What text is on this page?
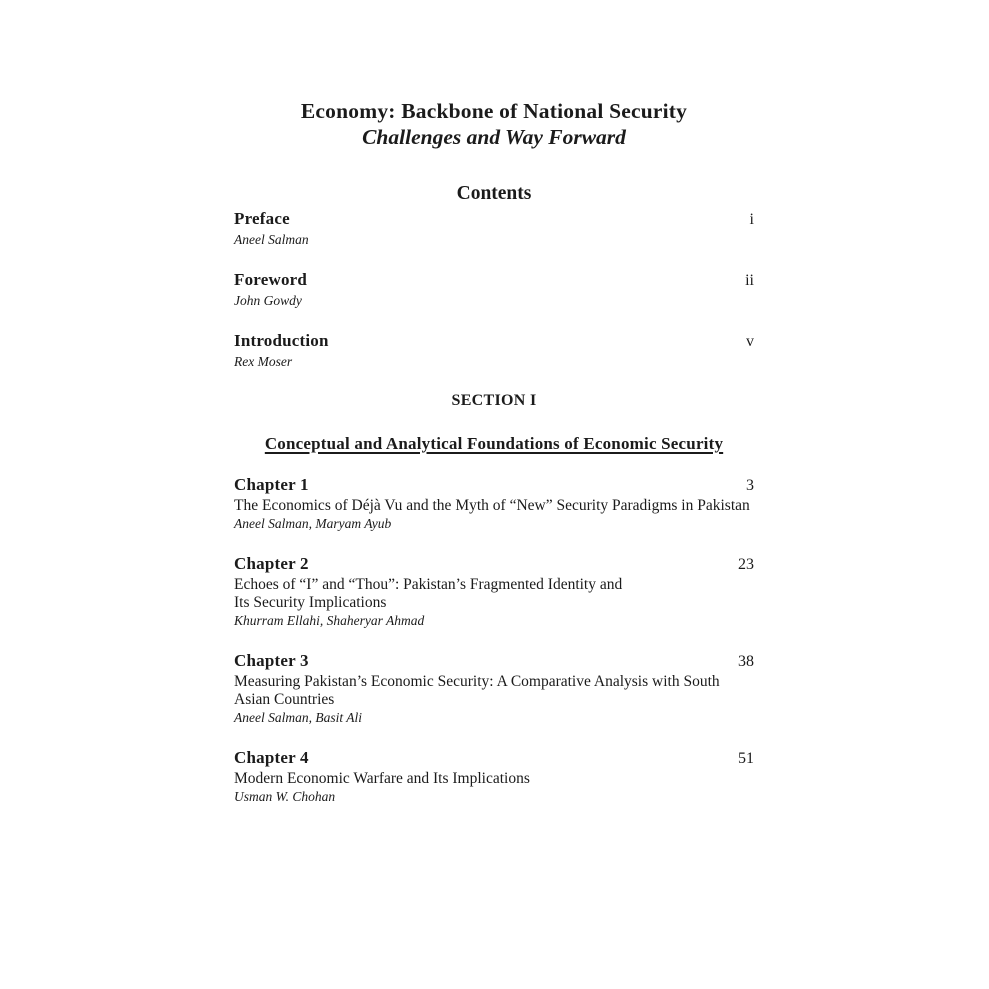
Economy: Backbone of National Security
Challenges and Way Forward
Contents
Preface	i
Aneel Salman
Foreword	ii
John Gowdy
Introduction	v
Rex Moser
SECTION I
Conceptual and Analytical Foundations of Economic Security
Chapter 1	3
The Economics of Déjà Vu and the Myth of “New” Security Paradigms in Pakistan
Aneel Salman, Maryam Ayub
Chapter 2	23
Echoes of “I” and “Thou”: Pakistan’s Fragmented Identity and
Its Security Implications
Khurram Ellahi, Shaheryar Ahmad
Chapter 3	38
Measuring Pakistan’s Economic Security: A Comparative Analysis with South
Asian Countries
Aneel Salman, Basit Ali
Chapter 4	51
Modern Economic Warfare and Its Implications
Usman W. Chohan
